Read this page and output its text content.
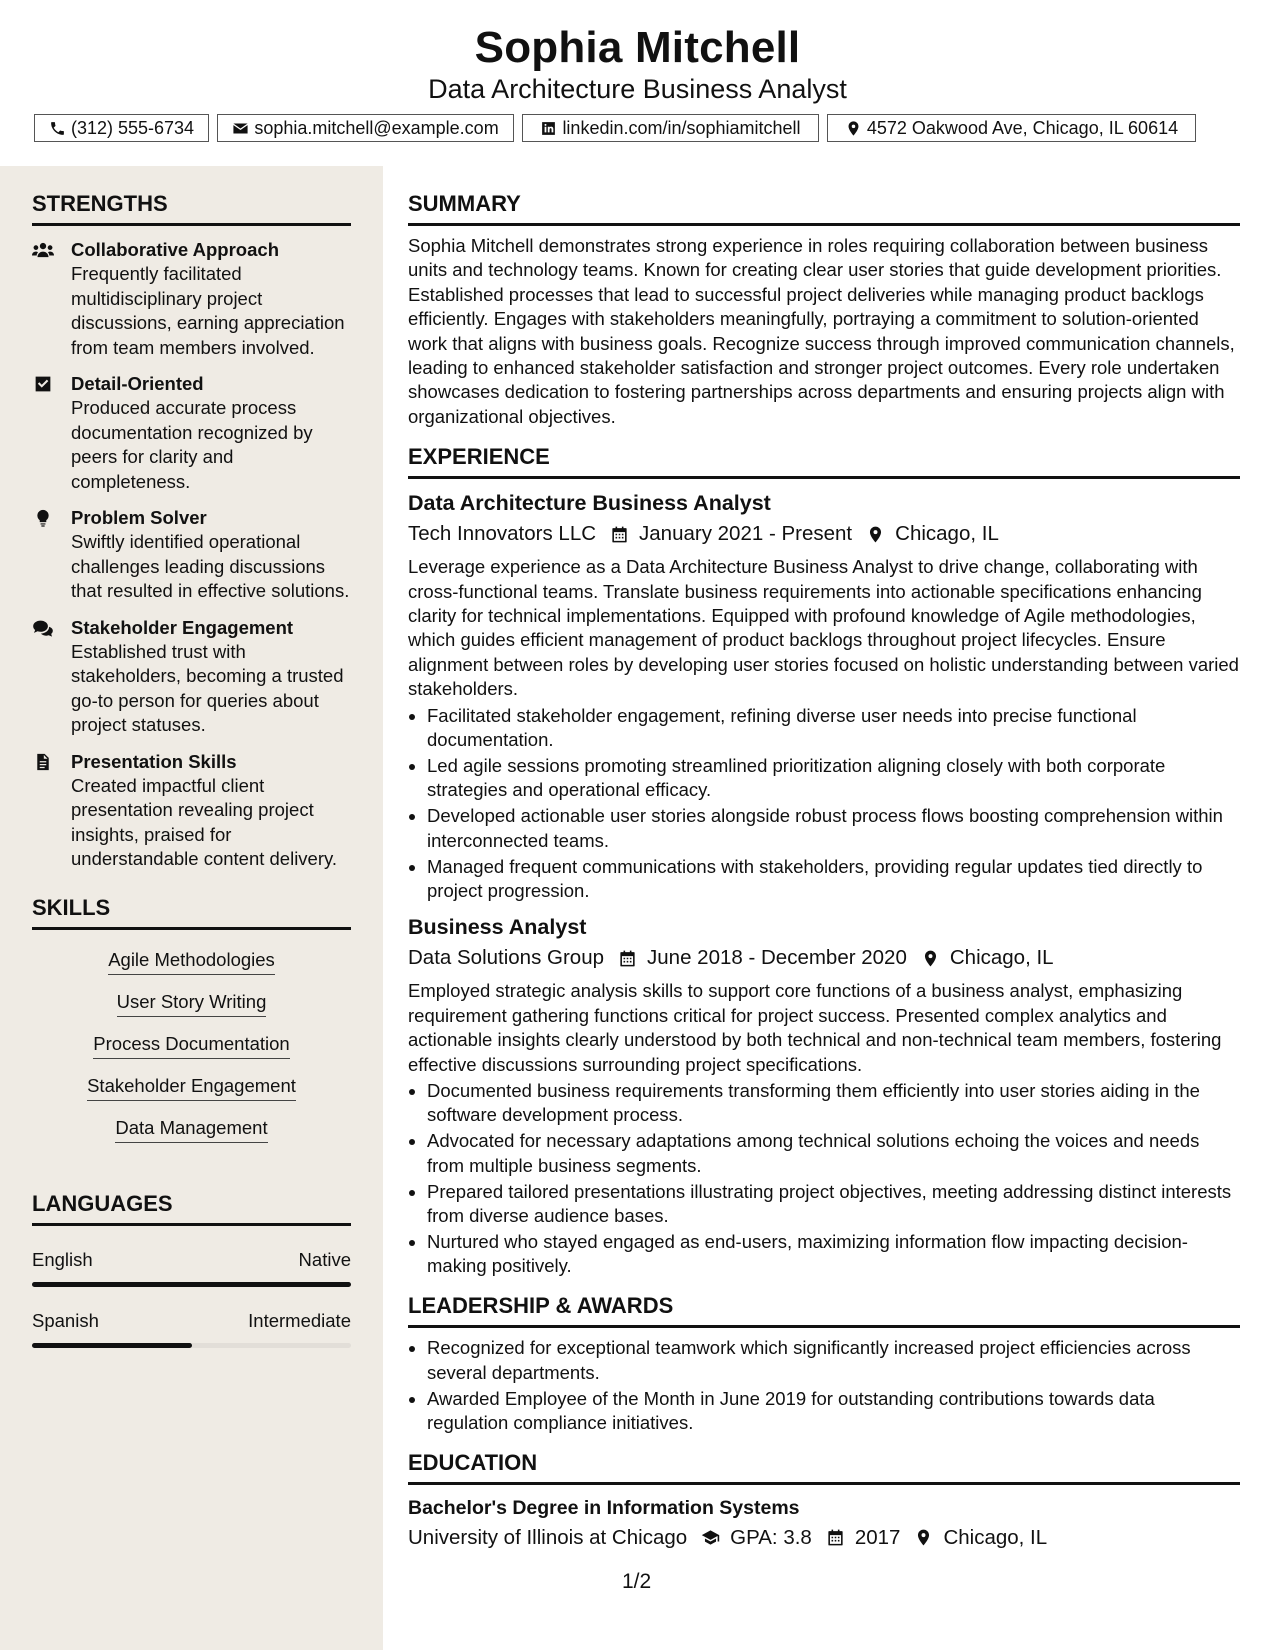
Sophia Mitchell
Data Architecture Business Analyst
(312) 555-6734	sophia.mitchell@example.com	linkedin.com/in/sophiamitchell	4572 Oakwood Ave, Chicago, IL 60614
STRENGTHS
Collaborative Approach
Frequently facilitated multidisciplinary project discussions, earning appreciation from team members involved.
Detail-Oriented
Produced accurate process documentation recognized by peers for clarity and completeness.
Problem Solver
Swiftly identified operational challenges leading discussions that resulted in effective solutions.
Stakeholder Engagement
Established trust with stakeholders, becoming a trusted go-to person for queries about project statuses.
Presentation Skills
Created impactful client presentation revealing project insights, praised for understandable content delivery.
SKILLS
Agile Methodologies
User Story Writing
Process Documentation
Stakeholder Engagement
Data Management
LANGUAGES
English	Native
Spanish	Intermediate
SUMMARY
Sophia Mitchell demonstrates strong experience in roles requiring collaboration between business units and technology teams. Known for creating clear user stories that guide development priorities. Established processes that lead to successful project deliveries while managing product backlogs efficiently. Engages with stakeholders meaningfully, portraying a commitment to solution-oriented work that aligns with business goals. Recognize success through improved communication channels, leading to enhanced stakeholder satisfaction and stronger project outcomes. Every role undertaken showcases dedication to fostering partnerships across departments and ensuring projects align with organizational objectives.
EXPERIENCE
Data Architecture Business Analyst
Tech Innovators LLC January 2021 - Present Chicago, IL
Leverage experience as a Data Architecture Business Analyst to drive change, collaborating with cross-functional teams. Translate business requirements into actionable specifications enhancing clarity for technical implementations. Equipped with profound knowledge of Agile methodologies, which guides efficient management of product backlogs throughout project lifecycles. Ensure alignment between roles by developing user stories focused on holistic understanding between varied stakeholders.
• Facilitated stakeholder engagement, refining diverse user needs into precise functional documentation.
• Led agile sessions promoting streamlined prioritization aligning closely with both corporate strategies and operational efficacy.
• Developed actionable user stories alongside robust process flows boosting comprehension within interconnected teams.
• Managed frequent communications with stakeholders, providing regular updates tied directly to project progression.
Business Analyst
Data Solutions Group June 2018 - December 2020 Chicago, IL
Employed strategic analysis skills to support core functions of a business analyst, emphasizing requirement gathering functions critical for project success. Presented complex analytics and actionable insights clearly understood by both technical and non-technical team members, fostering effective discussions surrounding project specifications.
• Documented business requirements transforming them efficiently into user stories aiding in the software development process.
• Advocated for necessary adaptations among technical solutions echoing the voices and needs from multiple business segments.
• Prepared tailored presentations illustrating project objectives, meeting addressing distinct interests from diverse audience bases.
• Nurtured who stayed engaged as end-users, maximizing information flow impacting decision-making positively.
LEADERSHIP & AWARDS
• Recognized for exceptional teamwork which significantly increased project efficiencies across several departments.
• Awarded Employee of the Month in June 2019 for outstanding contributions towards data regulation compliance initiatives.
EDUCATION
Bachelor's Degree in Information Systems
University of Illinois at Chicago GPA: 3.8 2017 Chicago, IL
1/2
